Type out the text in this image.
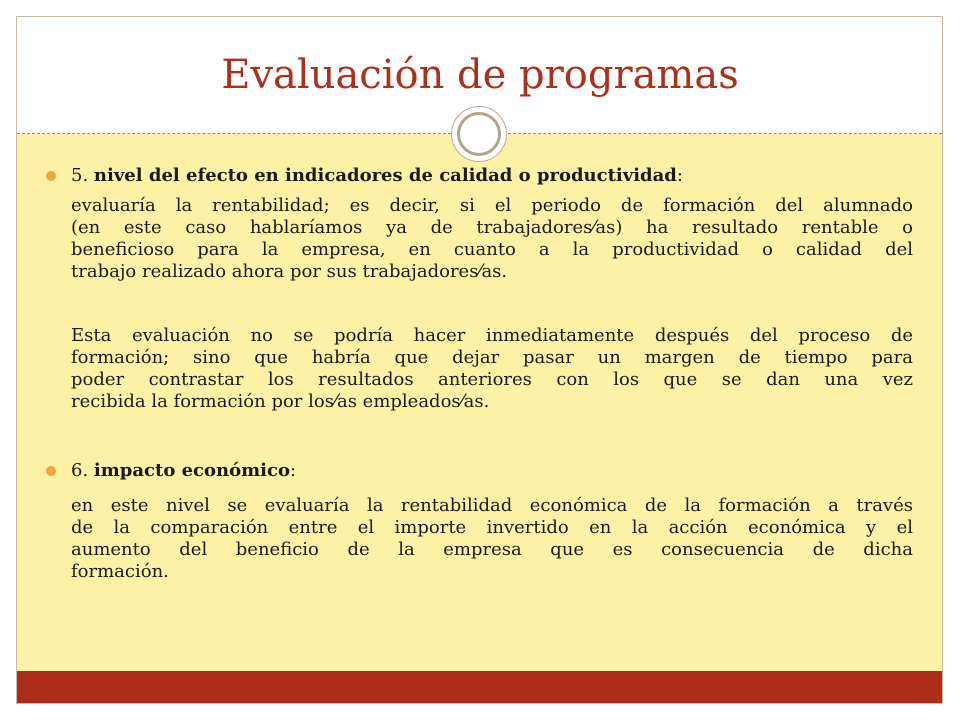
Evaluación de programas
5. nivel del efecto en indicadores de calidad o productividad:

evaluaría la rentabilidad; es decir, si el periodo de formación del alumnado
(en este caso hablaríamos ya de trabajadores⁄as) ha resultado rentable o
beneficioso para la empresa, en cuanto a la productividad o calidad del
trabajo realizado ahora por sus trabajadores⁄as.

Esta evaluación no se podría hacer inmediatamente después del proceso de
formación; sino que habría que dejar pasar un margen de tiempo para
poder contrastar los resultados anteriores con los que se dan una vez
recibida la formación por los⁄as empleados⁄as.

6. impacto económico:

en este nivel se evaluaría la rentabilidad económica de la formación a través
de la comparación entre el importe invertido en la acción económica y el
aumento del beneficio de la empresa que es consecuencia de dicha
formación.
